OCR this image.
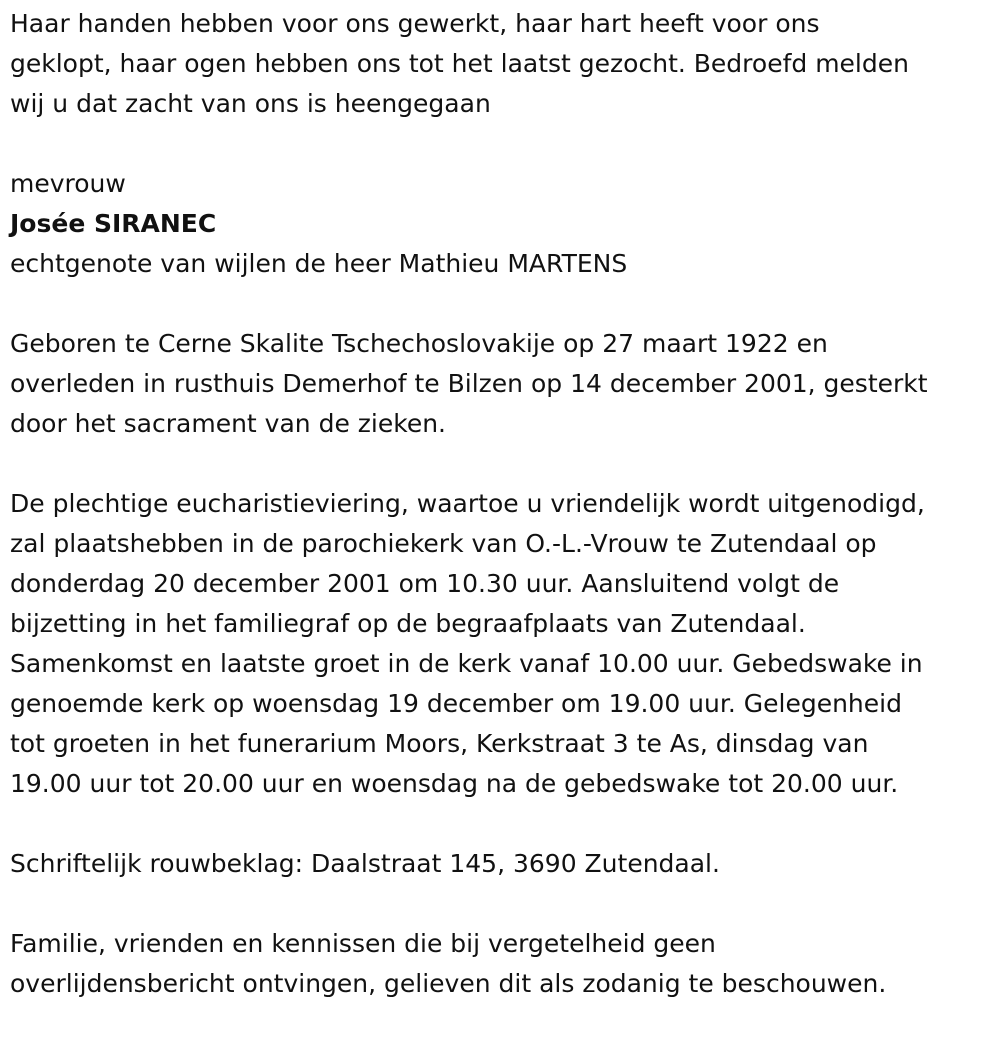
Haar handen hebben voor ons gewerkt, haar hart heeft voor ons
geklopt, haar ogen hebben ons tot het laatst gezocht. Bedroefd melden
wij u dat zacht van ons is heengegaan

mevrouw

Josée SIRANEC

echtgenote van wijlen de heer Mathieu MARTENS

Geboren te Cerne Skalite Tschechoslovakije op 27 maart 1922 en
overleden in rusthuis Demerhof te Bilzen op 14 december 2001, gesterkt
door het sacrament van de zieken.

De plechtige eucharistieviering, waartoe u vriendelijk wordt uitgenodigd,
zal plaatshebben in de parochiekerk van O.-L.-Vrouw te Zutendaal op
donderdag 20 december 2001 om 10.30 uur. Aansluitend volgt de
bijzetting in het familiegraf op de begraafplaats van Zutendaal.
Samenkomst en laatste groet in de kerk vanaf 10.00 uur. Gebedswake in
genoemde kerk op woensdag 19 december om 19.00 uur. Gelegenheid
tot groeten in het funerarium Moors, Kerkstraat 3 te As, dinsdag van
19.00 uur tot 20.00 uur en woensdag na de gebedswake tot 20.00 uur.

Schriftelijk rouwbeklag: Daalstraat 145, 3690 Zutendaal.

Familie, vrienden en kennissen die bij vergetelheid geen
overlijdensbericht ontvingen, gelieven dit als zodanig te beschouwen.
